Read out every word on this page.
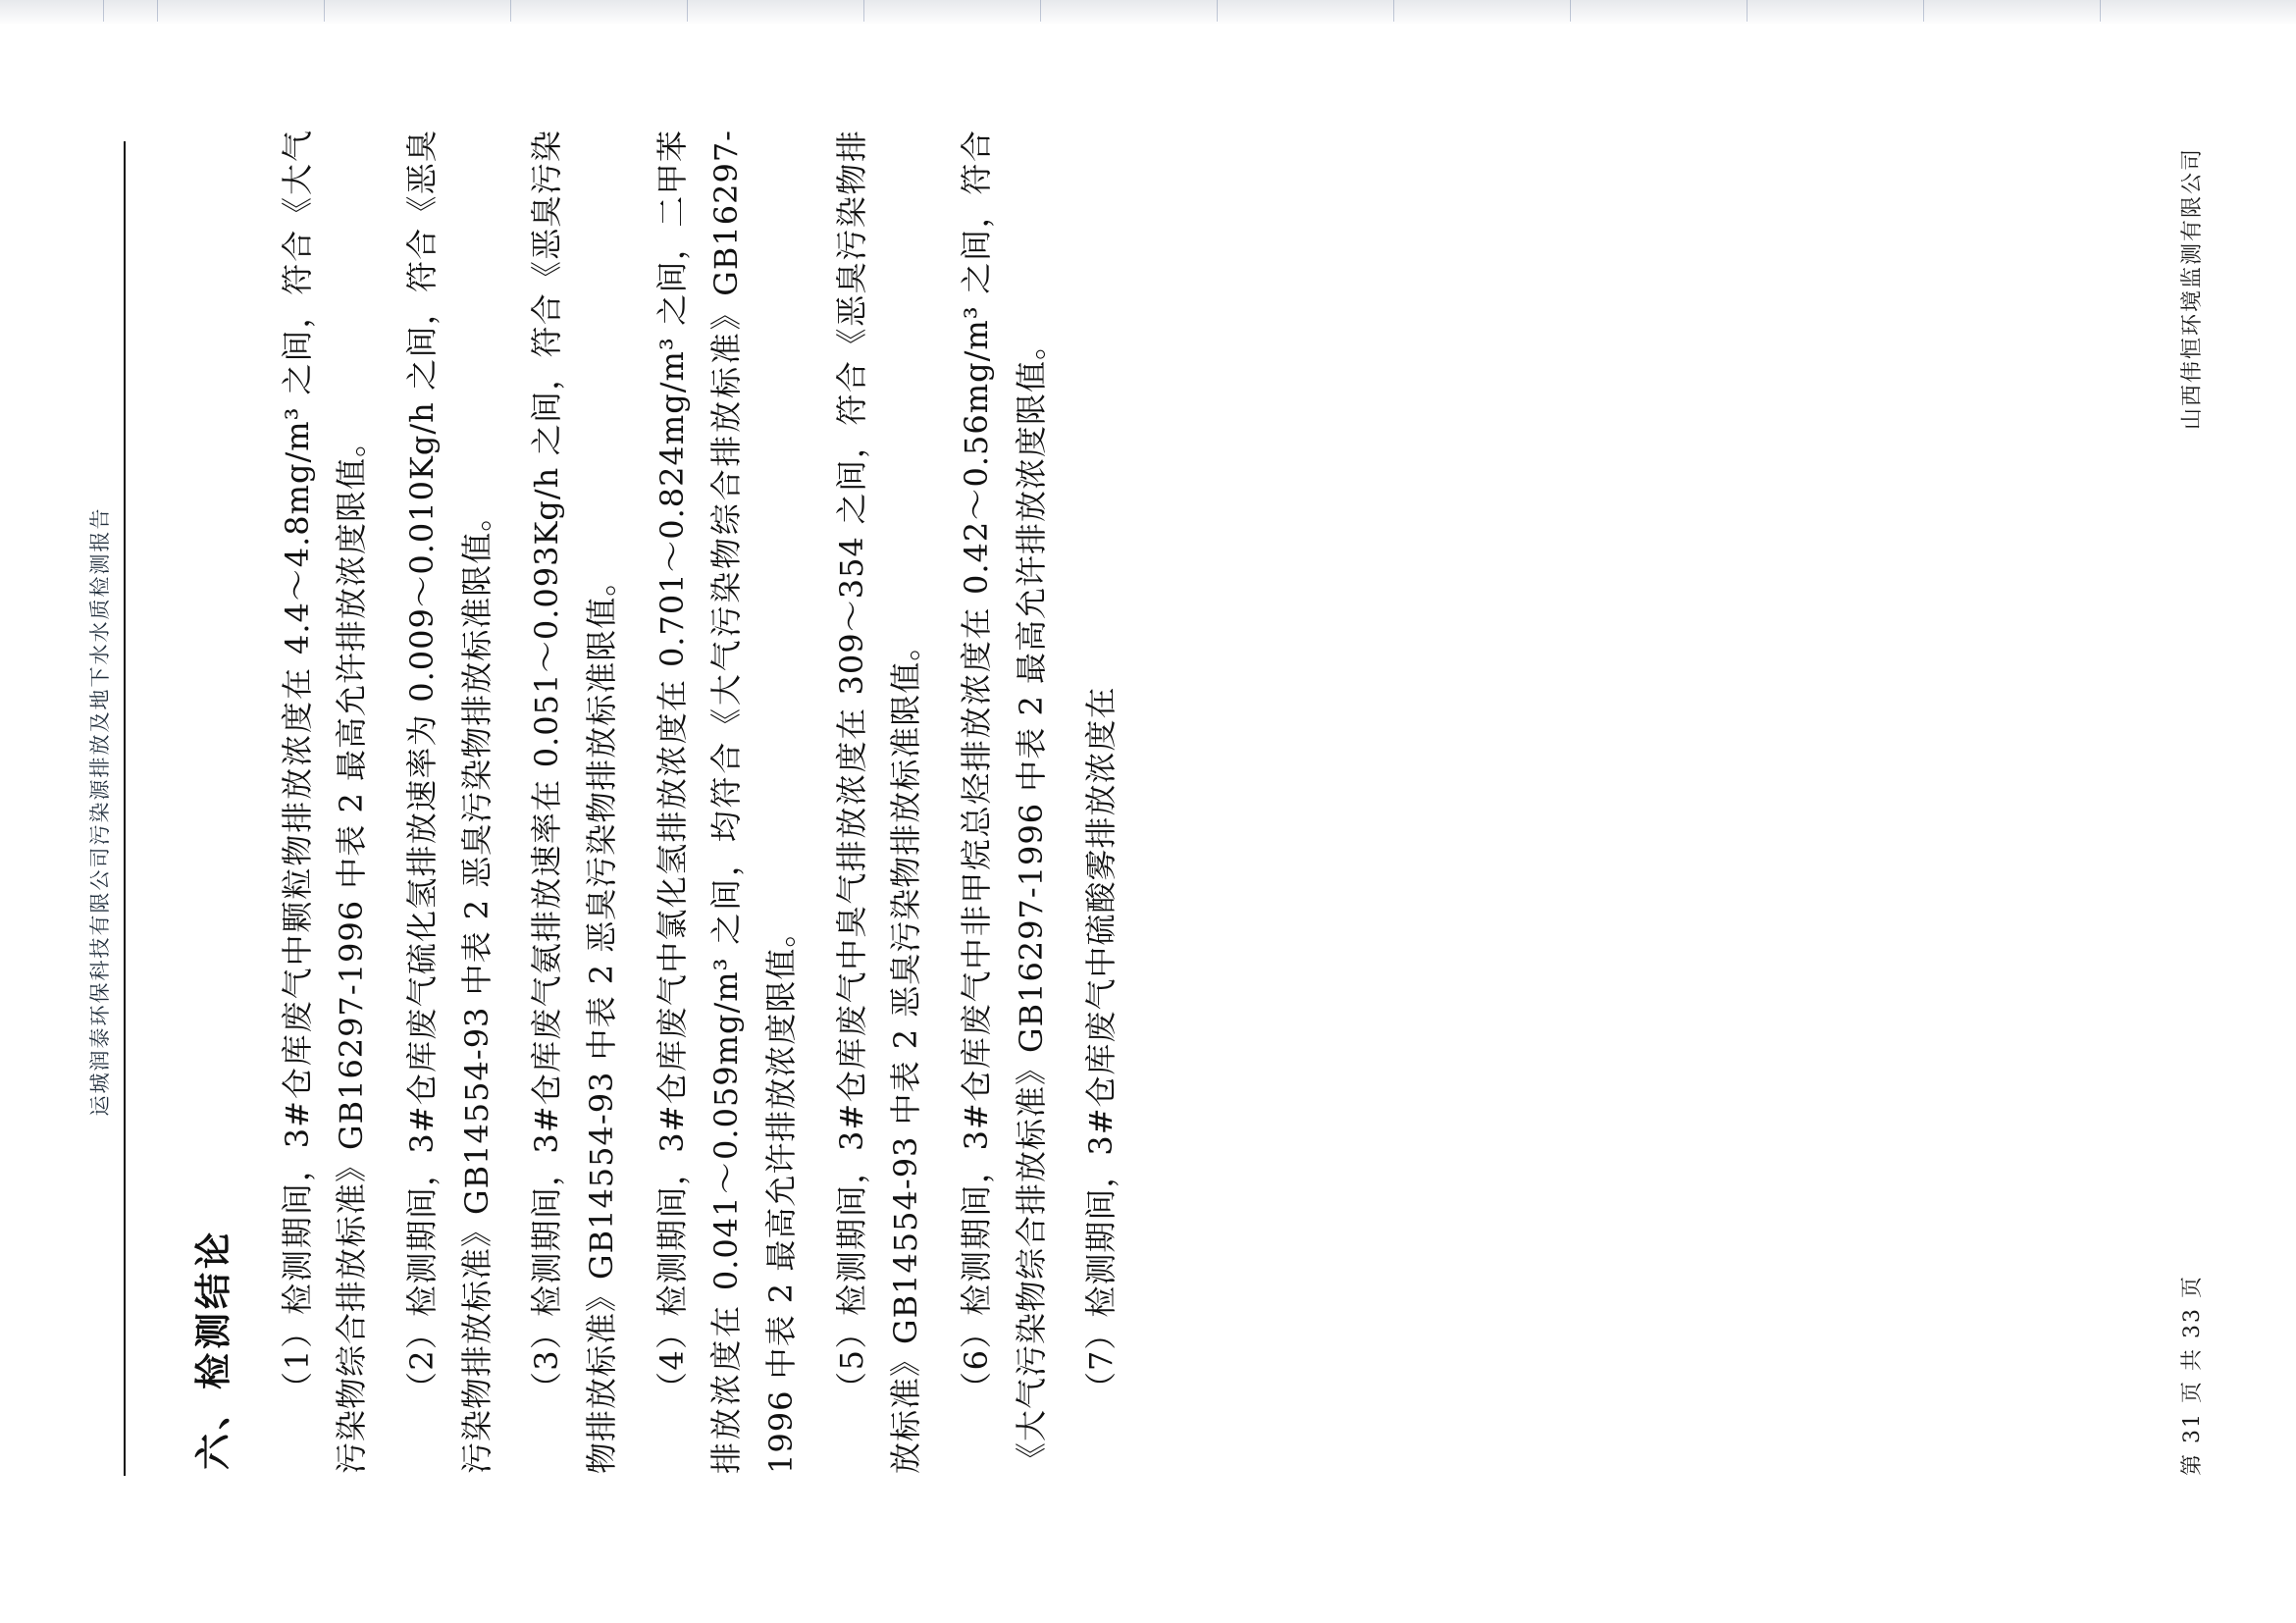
运城润泰环保科技有限公司污染源排放及地下水水质检测报告
六、检测结论	（1）检测期间，3#仓库废气中颗粒物排放浓度在 4.4～4.8mg/m³ 之间，符合《大气污染物综合排放标准》GB16297-1996 中表 2 最高允许排放浓度限值。	（2）检测期间，3#仓库废气硫化氢排放速率为 0.009～0.010Kg/h 之间，符合《恶臭污染物排放标准》GB14554-93 中表 2 恶臭污染物排放标准限值。	（3）检测期间，3#仓库废气氨排放速率在 0.051～0.093Kg/h 之间，符合《恶臭污染物排放标准》GB14554-93 中表 2 恶臭污染物排放标准限值。	（4）检测期间，3#仓库废气中氯化氢排放浓度在 0.701～0.824mg/m³ 之间，二甲苯排放浓度在 0.041～0.059mg/m³ 之间，均符合《大气污染物综合排放标准》GB16297-1996 中表 2 最高允许排放浓度限值。	（5）检测期间，3#仓库废气中臭气排放浓度在 309～354 之间，符合《恶臭污染物排放标准》GB14554-93 中表 2 恶臭污染物排放标准限值。	（6）检测期间，3#仓库废气中非甲烷总烃排放浓度在 0.42～0.56mg/m³ 之间，符合《大气污染物综合排放标准》GB16297-1996 中表 2 最高允许排放浓度限值。	（7）检测期间，3#仓库废气中硫酸雾排放浓度在	第 31 页 共 33 页
山西伟恒环境监测有限公司
